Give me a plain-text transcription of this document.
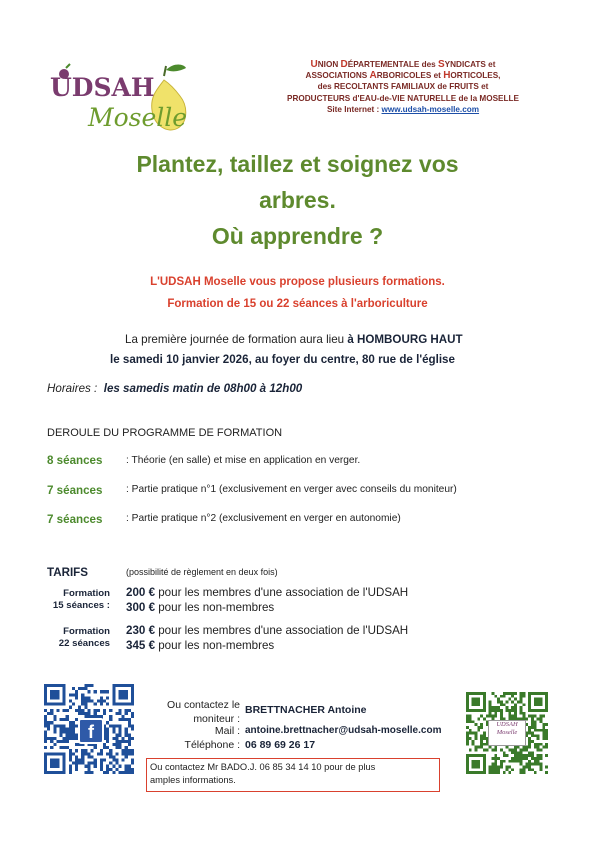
UDSAH
Moselle
UNION DÉPARTEMENTALE des SYNDICATS et
ASSOCIATIONS ARBORICOLES et HORTICOLES,
des RECOLTANTS FAMILIAUX de FRUITS et
PRODUCTEURS d'EAU-de-VIE NATURELLE de la MOSELLE
Site Internet : www.udsah-moselle.com
Plantez, taillez et soignez vos
arbres.
Où apprendre ?
L'UDSAH Moselle vous propose plusieurs formations.
Formation de 15 ou 22 séances à l'arboriculture
La première journée de formation aura lieu à HOMBOURG HAUT
le samedi 10 janvier 2026, au foyer du centre, 80 rue de l'église
Horaires : les samedis matin de 08h00 à 12h00
DEROULE DU PROGRAMME DE FORMATION
8 séances : Théorie (en salle) et mise en application en verger.
7 séances : Partie pratique n°1 (exclusivement en verger avec conseils du moniteur)
7 séances : Partie pratique n°2 (exclusivement en verger en autonomie)
TARIFS	(possibilité de règlement en deux fois)
Formation
15 séances :
200 € pour les membres d'une association de l'UDSAH
300 € pour les non-membres
Formation
22 séances
230 € pour les membres d'une association de l'UDSAH
345 € pour les non-membres
f	UDSAH Moselle
Ou contactez le
moniteur :
BRETTNACHER Antoine
Mail : antoine.brettnacher@udsah-moselle.com
Téléphone : 06 89 69 26 17
Ou contactez Mr BADO.J. 06 85 34 14 10 pour de plus
amples informations.
